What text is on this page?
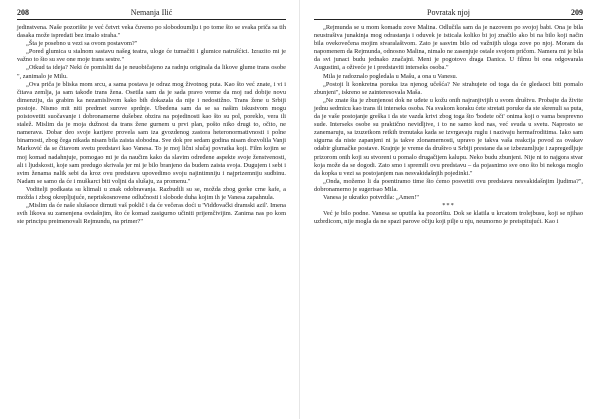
208	Nemanja Ilić

jedinstvena. Naše pozorište je već četvrt veka čuveno po slobodoumlju i po tome što se svaka priča sa tih dasaka može ispredati bez imalo straha."

„Šta je posebno u vezi sa ovom postavom?"

„Pored glumica u stalnom sastavu našeg teatra, uloge će tumačiti i glumice natrušćici. Izrazito mi je važno to što su sve one moje trans sestre."

„Otkud ta ideja? Neki će pomisliti da je neuobičajeno za radnju originala da likove glume trans osobe ", zanimalo je Milu.

„Ova priča je bliska mom srcu, a sama postava je odraz mog životnog puta. Kao što već znate, i vi i čitava zemlja, ja sam takođe trans žena. Osetila sam da je sada pravo vreme da moj rad dobije novu dimenziju, da grabim ka nezamislivom kako bih dokazala da nije i nedostižno. Trans žene u Srbiji postoje. Nismo mit niti predmet surove sprdnje. Ubedena sam da se sa našim iskustvom mogu poistovetiti suočavanje i dobronamerne dušebez obzira na pojedinosti kao što su pol, poreklo, vera ili stalež. Mislim da je moja dužnost da trans žene gurnem u prvi plan, pošto niko drugi to, očito, ne namerava. Dobar deo svoje karijere provela sam iza gvozdenog zastora heteronormativnosti i polne binarnosti, zbog čega nikada nisam bila zaista slobodna. Sve dok pre sedam godina nisam dozvolila Vanji Marković da se čitavom svetu predstavi kao Vanesa. To je moj lični slučaj povratka koji. Film kojim se moj komad nadahnjuje, pomogao mi je da naučim kako da slavim određene aspekte svoje ženstvenosti, ali i ljudskosti, koje sam predugo skrivala jer mi je bilo branjeno da budem zaista svoja. Dugujem i sebi i svim ženama nalik sebi da kroz ovu predstavu upovedimo svoju najintimniju i najprizemniju sudbinu. Nadam se samo da će i muškarci biti voljni da slušaju, za promenu."

Voditelji podkasta su klimali u znak odobravanja. Razbudili su se, možda zbog gorke crne kafe, a možda i zbog okrepljujuće, nepriskosnovene odlučnosti i slobode duha kojim ih je Vanesa zapahnula.

„Mislim da će naše slušaoce dirnuti vaš poklič i da će večeras doći u 'Vidđovački dramski azil'. Imena svih likova su zamenjena ovdašnjim, što će komad zasigurno učiniti prijemčivijim. Zanima nas po kom ste principu preimenovali Rejmundu, na primer?"

Povratak njoj	209

„Rejmunda se u mom komadu zove Malina. Odlučila sam da je nazovem po svojoj babi. Ona je bila neustrašiva junakinja mog odrastanja i oduvek je isticala koliko bi joj značilo ako bi na bilo koji način bila ovekovečena mojim stvaralaštvom. Zato je sasvim bilo od važnijih uloga zove po njoj. Moram da napomenem da Rejmunda, odnosno Malina, nimalo ne zasenjuje ostale svojom pričom. Namera mi je bila da svi junaci budu jednako značajni. Meni je pogotovo draga Danica. U filmu bi ona odgovarala Augustini, a oživeće je i predstaviti interseks osoba."

Mila je radoznalo pogledala u Mašu, a ona u Vanesu.

„Postoji li konkretna poruka iza njenog učešća? Ne strahujete od toga da će gledaoci biti pomalo zbunjeni", iskreno se zainteresovala Maša.

„Ne znate šta je zbunjenost dok ne uđete u kožu onih najranjivijih u svom društvu. Probajte da živite jednu sedmicu kao trans ili interseks osoba. Na svakom koraku ćete stretati poruke da ste skrenuli sa puta, da je vaše postojanje greška i da ste vazda krivi zbog toga što 'bodete oči' onima koji o vama besprevno sude. Interseks osobe su praktično nevidljive, i to ne samo kod nas, već svuda u svetu. Naprosto se zanemaruju, sa izuzetkom retkih trenutaka kada se izvrgavaju ruglu i nazivaju hermafroditima. Iako sam sigurna da niste zapanjeni ni ja takve zlonamernosti, upravo je takva vaša reakcija povod za ovakav odabir glumačke postave. Krajnje je vreme da društvo u Srbiji prestane da se izbezumljuje i zapregedljuje prizorom onih koji su stvoreni u pomalo drugačijem kalupu. Neko budu zbunjeni. Nije ni to najgora stvar koja može da se dogodi. Zato smo i spremili ovu predstavu – da pojasnimo sve ono što bi nekoga moglo da kopka u vezi sa postojanjem nas nesvakidašnjih pojedinki."

„Onda, možemo li da poentiramo time što ćemo posvetiti ovu predstavu nesvakidašnjim ljudima?", dobronamerno je sugerisao Mila.

Vanesa je ukratko potvrdila: „Amen!"

***

Već je bilo podne. Vanesa se uputila ka pozorištu. Dok se klatila u krcatom trolejbusu, koji se njihao uzbrdicom, nije mogla da ne spazi parove očiju koji pilje u nju, neumorno je preispitujući. Kao i
